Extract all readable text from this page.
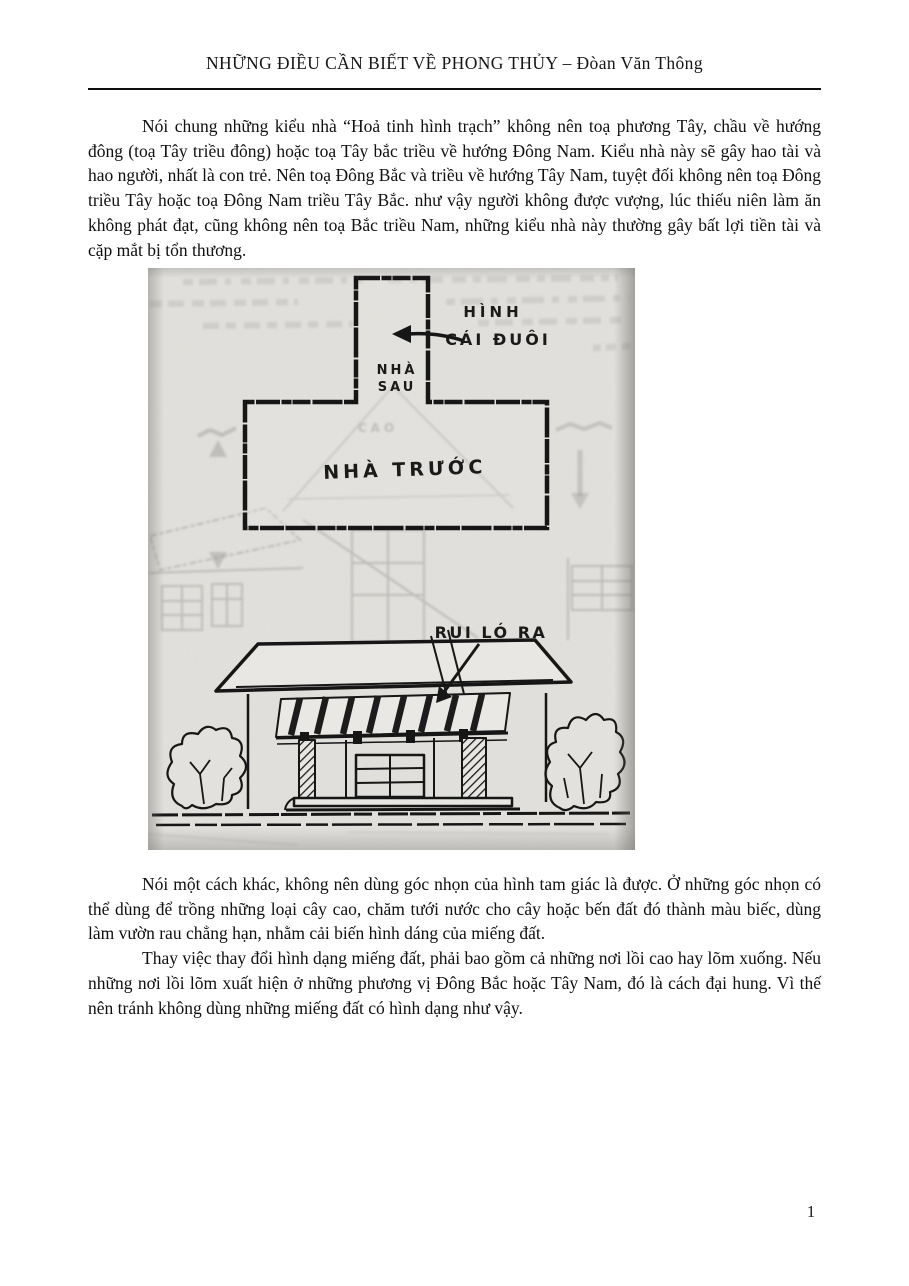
NHỮNG ĐIỀU CẦN BIẾT VỀ PHONG THỦY – Đòan Văn Thông

Nói chung những kiểu nhà “Hoả tinh hình trạch” không nên toạ phương Tây, chầu về hướng đông (toạ Tây triều đông) hoặc toạ Tây bắc triều về hướng Đông Nam. Kiểu nhà này sẽ gây hao tài và hao người, nhất là con trẻ. Nên toạ Đông Bắc và triều về hướng Tây Nam, tuyệt đối không nên toạ Đông triều Tây hoặc toạ Đông Nam triều Tây Bắc. như vậy người không được vượng, lúc thiếu niên làm ăn không phát đạt, cũng không nên toạ Bắc triều Nam, những kiểu nhà này thường gây bất lợi tiền tài và cặp mắt bị tổn thương.

HÌNH
CÁI ĐUÔI
NHÀ
SAU
NHÀ TRƯỚC
RUI LÓ RA

Nói một cách khác, không nên dùng góc nhọn của hình tam giác là được. Ở những góc nhọn có thể dùng để trồng những loại cây cao, chăm tưới nước cho cây hoặc bến đất đó thành màu biếc, dùng làm vườn rau chẳng hạn, nhằm cải biến hình dáng của miếng đất.

Thay việc thay đổi hình dạng miếng đất, phải bao gồm cả những nơi lồi cao hay lõm xuống. Nếu những nơi lồi lõm xuất hiện ở những phương vị Đông Bắc hoặc Tây Nam, đó là cách đại hung. Vì thế nên tránh không dùng những miếng đất có hình dạng như vậy.

1
